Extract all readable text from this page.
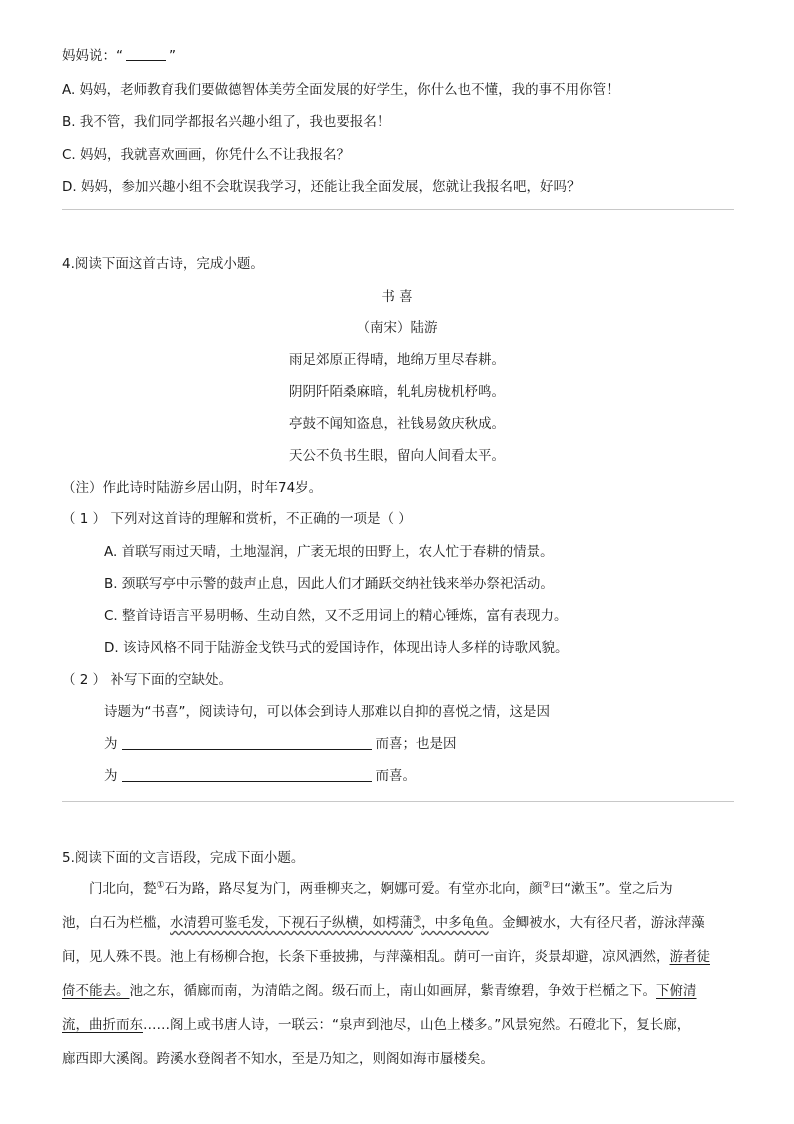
妈妈说：“	”
A. 妈妈，老师教育我们要做德智体美劳全面发展的好学生，你什么也不懂，我的事不用你管！
B. 我不管，我们同学都报名兴趣小组了，我也要报名！
C. 妈妈，我就喜欢画画，你凭什么不让我报名？
D. 妈妈，参加兴趣小组不会耽误我学习，还能让我全面发展，您就让我报名吧，好吗？
4.阅读下面这首古诗，完成小题。
书 喜
（南宋）陆游
雨足郊原正得晴，地绵万里尽春耕。
阴阴阡陌桑麻暗，轧轧房栊机杼鸣。
亭鼓不闻知盗息，社钱易敛庆秋成。
天公不负书生眼，留向人间看太平。
（注）作此诗时陆游乡居山阴，时年74岁。
（ 1 ） 下列对这首诗的理解和赏析，不正确的一项是（ ）
A. 首联写雨过天晴，土地湿润，广袤无垠的田野上，农人忙于春耕的情景。
B. 颈联写亭中示警的鼓声止息，因此人们才踊跃交纳社钱来举办祭祀活动。
C. 整首诗语言平易明畅、生动自然，又不乏用词上的精心锤炼，富有表现力。
D. 该诗风格不同于陆游金戈铁马式的爱国诗作，体现出诗人多样的诗歌风貌。
（ 2 ） 补写下面的空缺处。
诗题为“书喜”，阅读诗句，可以体会到诗人那难以自抑的喜悦之情，这是因
为	而喜；也是因
为	而喜。
5.阅读下面的文言语段，完成下面小题。
　　门北向，甃①石为路，路尽复为门，两垂柳夹之，婀娜可爱。有堂亦北向，颜②曰“漱玉”。堂之后为
池，白石为栏槛，水清碧可鉴毛发，下视石子纵横，如樗蒲③，中多龟鱼。金鲫被水，大有径尺者，游泳萍藻
间，见人殊不畏。池上有杨柳合抱，长条下垂披拂，与萍藻相乱。荫可一亩许，炎景却避，凉风洒然，游者徒
倚不能去。池之东，循廊而南，为清皓之阁。级石而上，南山如画屏，紫青缭碧，争效于栏楯之下。下俯清
流，曲折而东……阁上或书唐人诗，一联云：“泉声到池尽，山色上楼多。”风景宛然。石磴北下，复长廊，
廊西即大溪阁。跨溪水登阁者不知水，至是乃 ·知之，则阁如海市蜃楼矣。
